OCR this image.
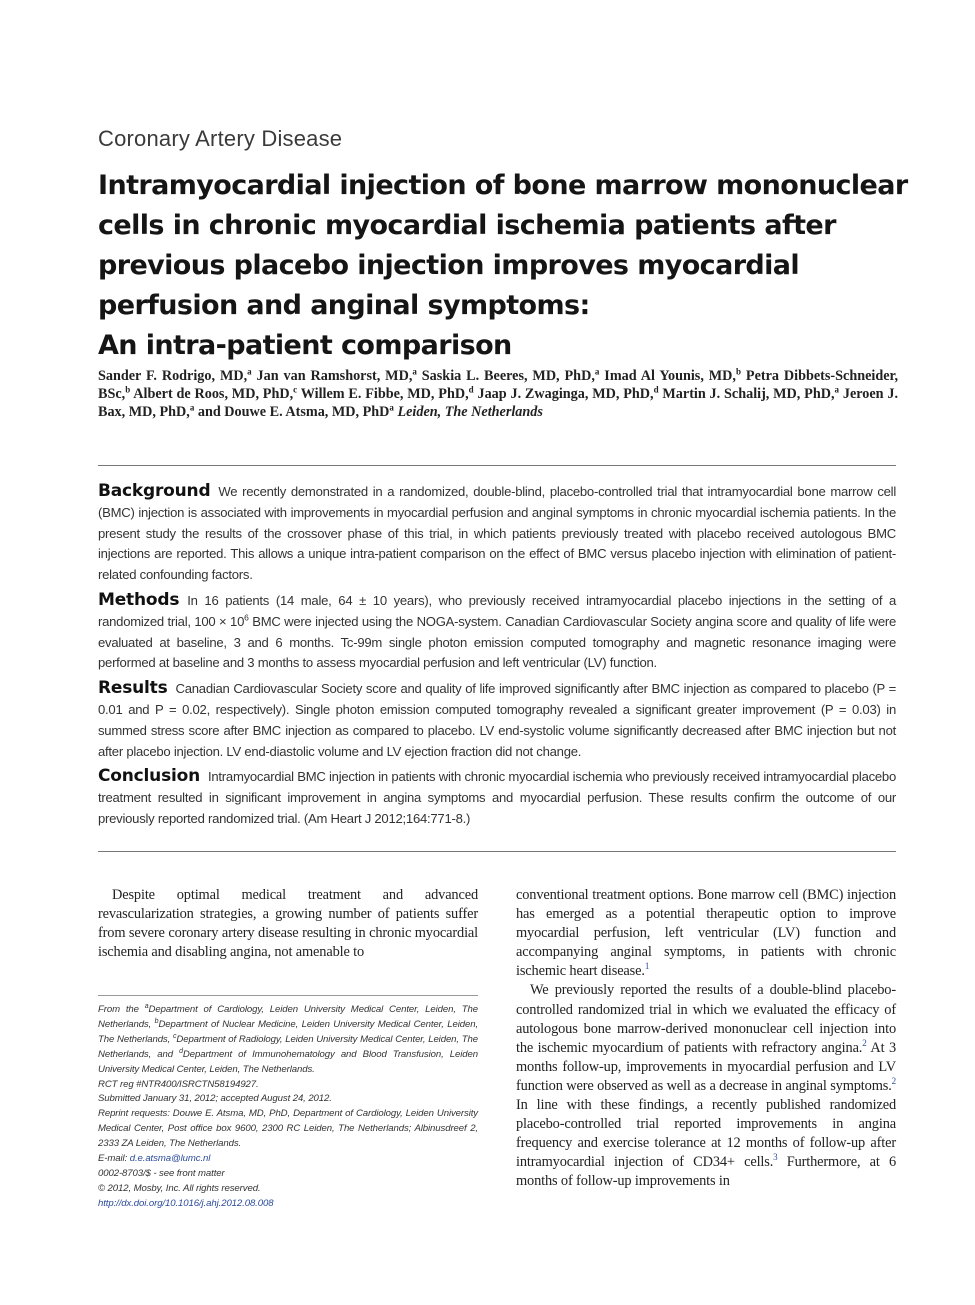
Coronary Artery Disease
Intramyocardial injection of bone marrow mononuclear
cells in chronic myocardial ischemia patients after
previous placebo injection improves myocardial
perfusion and anginal symptoms:
An intra-patient comparison
Sander F. Rodrigo, MD,$^a$ Jan van Ramshorst, MD,$^a$ Saskia L. Beeres, MD, PhD,$^a$ Imad Al Younis, MD,$^b$ Petra Dibbets-Schneider, BSc,$^b$ Albert de Roos, MD, PhD,$^c$ Willem E. Fibbe, MD, PhD,$^d$ Jaap J. Zwaginga, MD, PhD,$^d$ Martin J. Schalij, MD, PhD,$^a$ Jeroen J. Bax, MD, PhD,$^a$ and Douwe E. Atsma, MD, PhD$^a$ Leiden, The Netherlands

Background We recently demonstrated in a randomized, double-blind, placebo-controlled trial that intramyocardial bone marrow cell (BMC) injection is associated with improvements in myocardial perfusion and anginal symptoms in chronic myocardial ischemia patients. In the present study the results of the crossover phase of this trial, in which patients previously treated with placebo received autologous BMC injections are reported. This allows a unique intra-patient comparison on the effect of BMC versus placebo injection with elimination of patient-related confounding factors.

Methods In 16 patients (14 male, 64 ± 10 years), who previously received intramyocardial placebo injections in the setting of a randomized trial, $100 \times 10^6$ BMC were injected using the NOGA-system. Canadian Cardiovascular Society angina score and quality of life were evaluated at baseline, 3 and 6 months. Tc-99m single photon emission computed tomography and magnetic resonance imaging were performed at baseline and 3 months to assess myocardial perfusion and left ventricular (LV) function.

Results Canadian Cardiovascular Society score and quality of life improved significantly after BMC injection as compared to placebo (P = 0.01 and P = 0.02, respectively). Single photon emission computed tomography revealed a significant greater improvement (P = 0.03) in summed stress score after BMC injection as compared to placebo. LV end-systolic volume significantly decreased after BMC injection but not after placebo injection. LV end-diastolic volume and LV ejection fraction did not change.

Conclusion Intramyocardial BMC injection in patients with chronic myocardial ischemia who previously received intramyocardial placebo treatment resulted in significant improvement in angina symptoms and myocardial perfusion. These results confirm the outcome of our previously reported randomized trial. (Am Heart J 2012;164:771-8.)

Despite optimal medical treatment and advanced revascularization strategies, a growing number of patients suffer from severe coronary artery disease resulting in chronic myocardial ischemia and disabling angina, not amenable to

From the $^a$Department of Cardiology, Leiden University Medical Center, Leiden, The Netherlands, $^b$Department of Nuclear Medicine, Leiden University Medical Center, Leiden, The Netherlands, $^c$Department of Radiology, Leiden University Medical Center, Leiden, The Netherlands, and $^d$Department of Immunohematology and Blood Transfusion, Leiden University Medical Center, Leiden, The Netherlands.
RCT reg #NTR400/ISRCTN58194927.
Submitted January 31, 2012; accepted August 24, 2012.
Reprint requests: Douwe E. Atsma, MD, PhD, Department of Cardiology, Leiden University Medical Center, Post office box 9600, 2300 RC Leiden, The Netherlands; Albinusdreef 2, 2333 ZA Leiden, The Netherlands.
E-mail: d.e.atsma@lumc.nl
0002-8703/$ - see front matter
© 2012, Mosby, Inc. All rights reserved.
http://dx.doi.org/10.1016/j.ahj.2012.08.008

conventional treatment options. Bone marrow cell (BMC) injection has emerged as a potential therapeutic option to improve myocardial perfusion, left ventricular (LV) function and accompanying anginal symptoms, in patients with chronic ischemic heart disease.$^1$

We previously reported the results of a double-blind placebo-controlled randomized trial in which we evaluated the efficacy of autologous bone marrow-derived mononuclear cell injection into the ischemic myocardium of patients with refractory angina.$^2$ At 3 months follow-up, improvements in myocardial perfusion and LV function were observed as well as a decrease in anginal symptoms.$^2$ In line with these findings, a recently published randomized placebo-controlled trial reported improvements in angina frequency and exercise tolerance at 12 months of follow-up after intramyocardial injection of CD34+ cells.$^3$ Furthermore, at 6 months of follow-up improvements in
